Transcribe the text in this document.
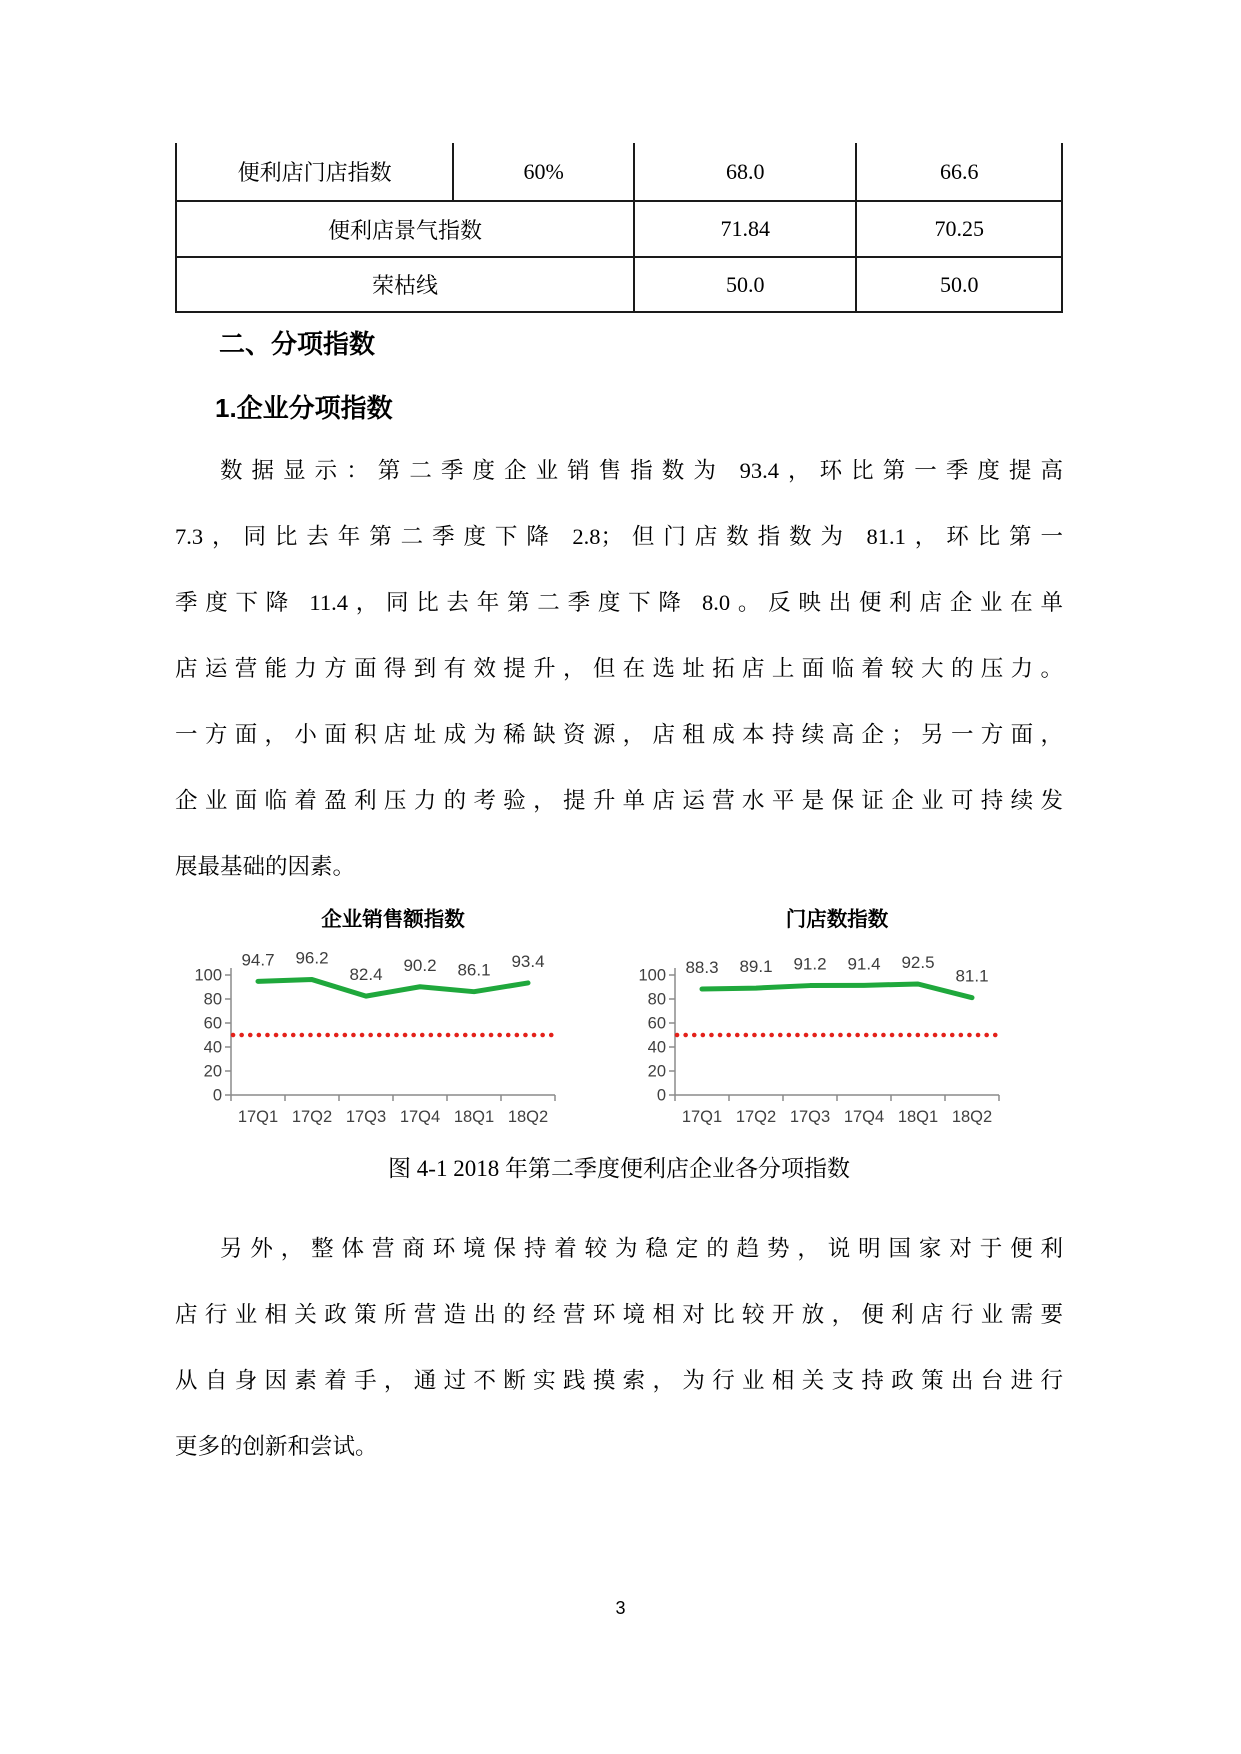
便利店门店指数	60%	68.0	66.6
便利店景气指数		71.84	70.25
荣枯线		50.0	50.0
二、分项指数
1.企业分项指数
数据显示：第二季度企业销售指数为 93.4，环比第一季度提高
7.3，同比去年第二季度下降 2.8；但门店数指数为 81.1，环比第一
季度下降 11.4，同比去年第二季度下降 8.0。反映出便利店企业在单
店运营能力方面得到有效提升，但在选址拓店上面临着较大的压力。
一方面，小面积店址成为稀缺资源，店租成本持续高企；另一方面，
企业面临着盈利压力的考验，提升单店运营水平是保证企业可持续发
展最基础的因素。
企业销售额指数
0
20
40
60
80
100
17Q1 17Q2 17Q3 17Q4 18Q1 18Q2
94.7 96.2
82.4 90.2 86.1 93.4
门店数指数
0
20
40
60
80
100
17Q1 17Q2 17Q3 17Q4 18Q1 18Q2
88.3 89.1 91.2 91.4 92.5
81.1
图 4-1 2018 年第二季度便利店企业各分项指数
另外，整体营商环境保持着较为稳定的趋势，说明国家对于便利
店行业相关政策所营造出的经营环境相对比较开放，便利店行业需要
从自身因素着手，通过不断实践摸索，为行业相关支持政策出台进行
更多的创新和尝试。
3
